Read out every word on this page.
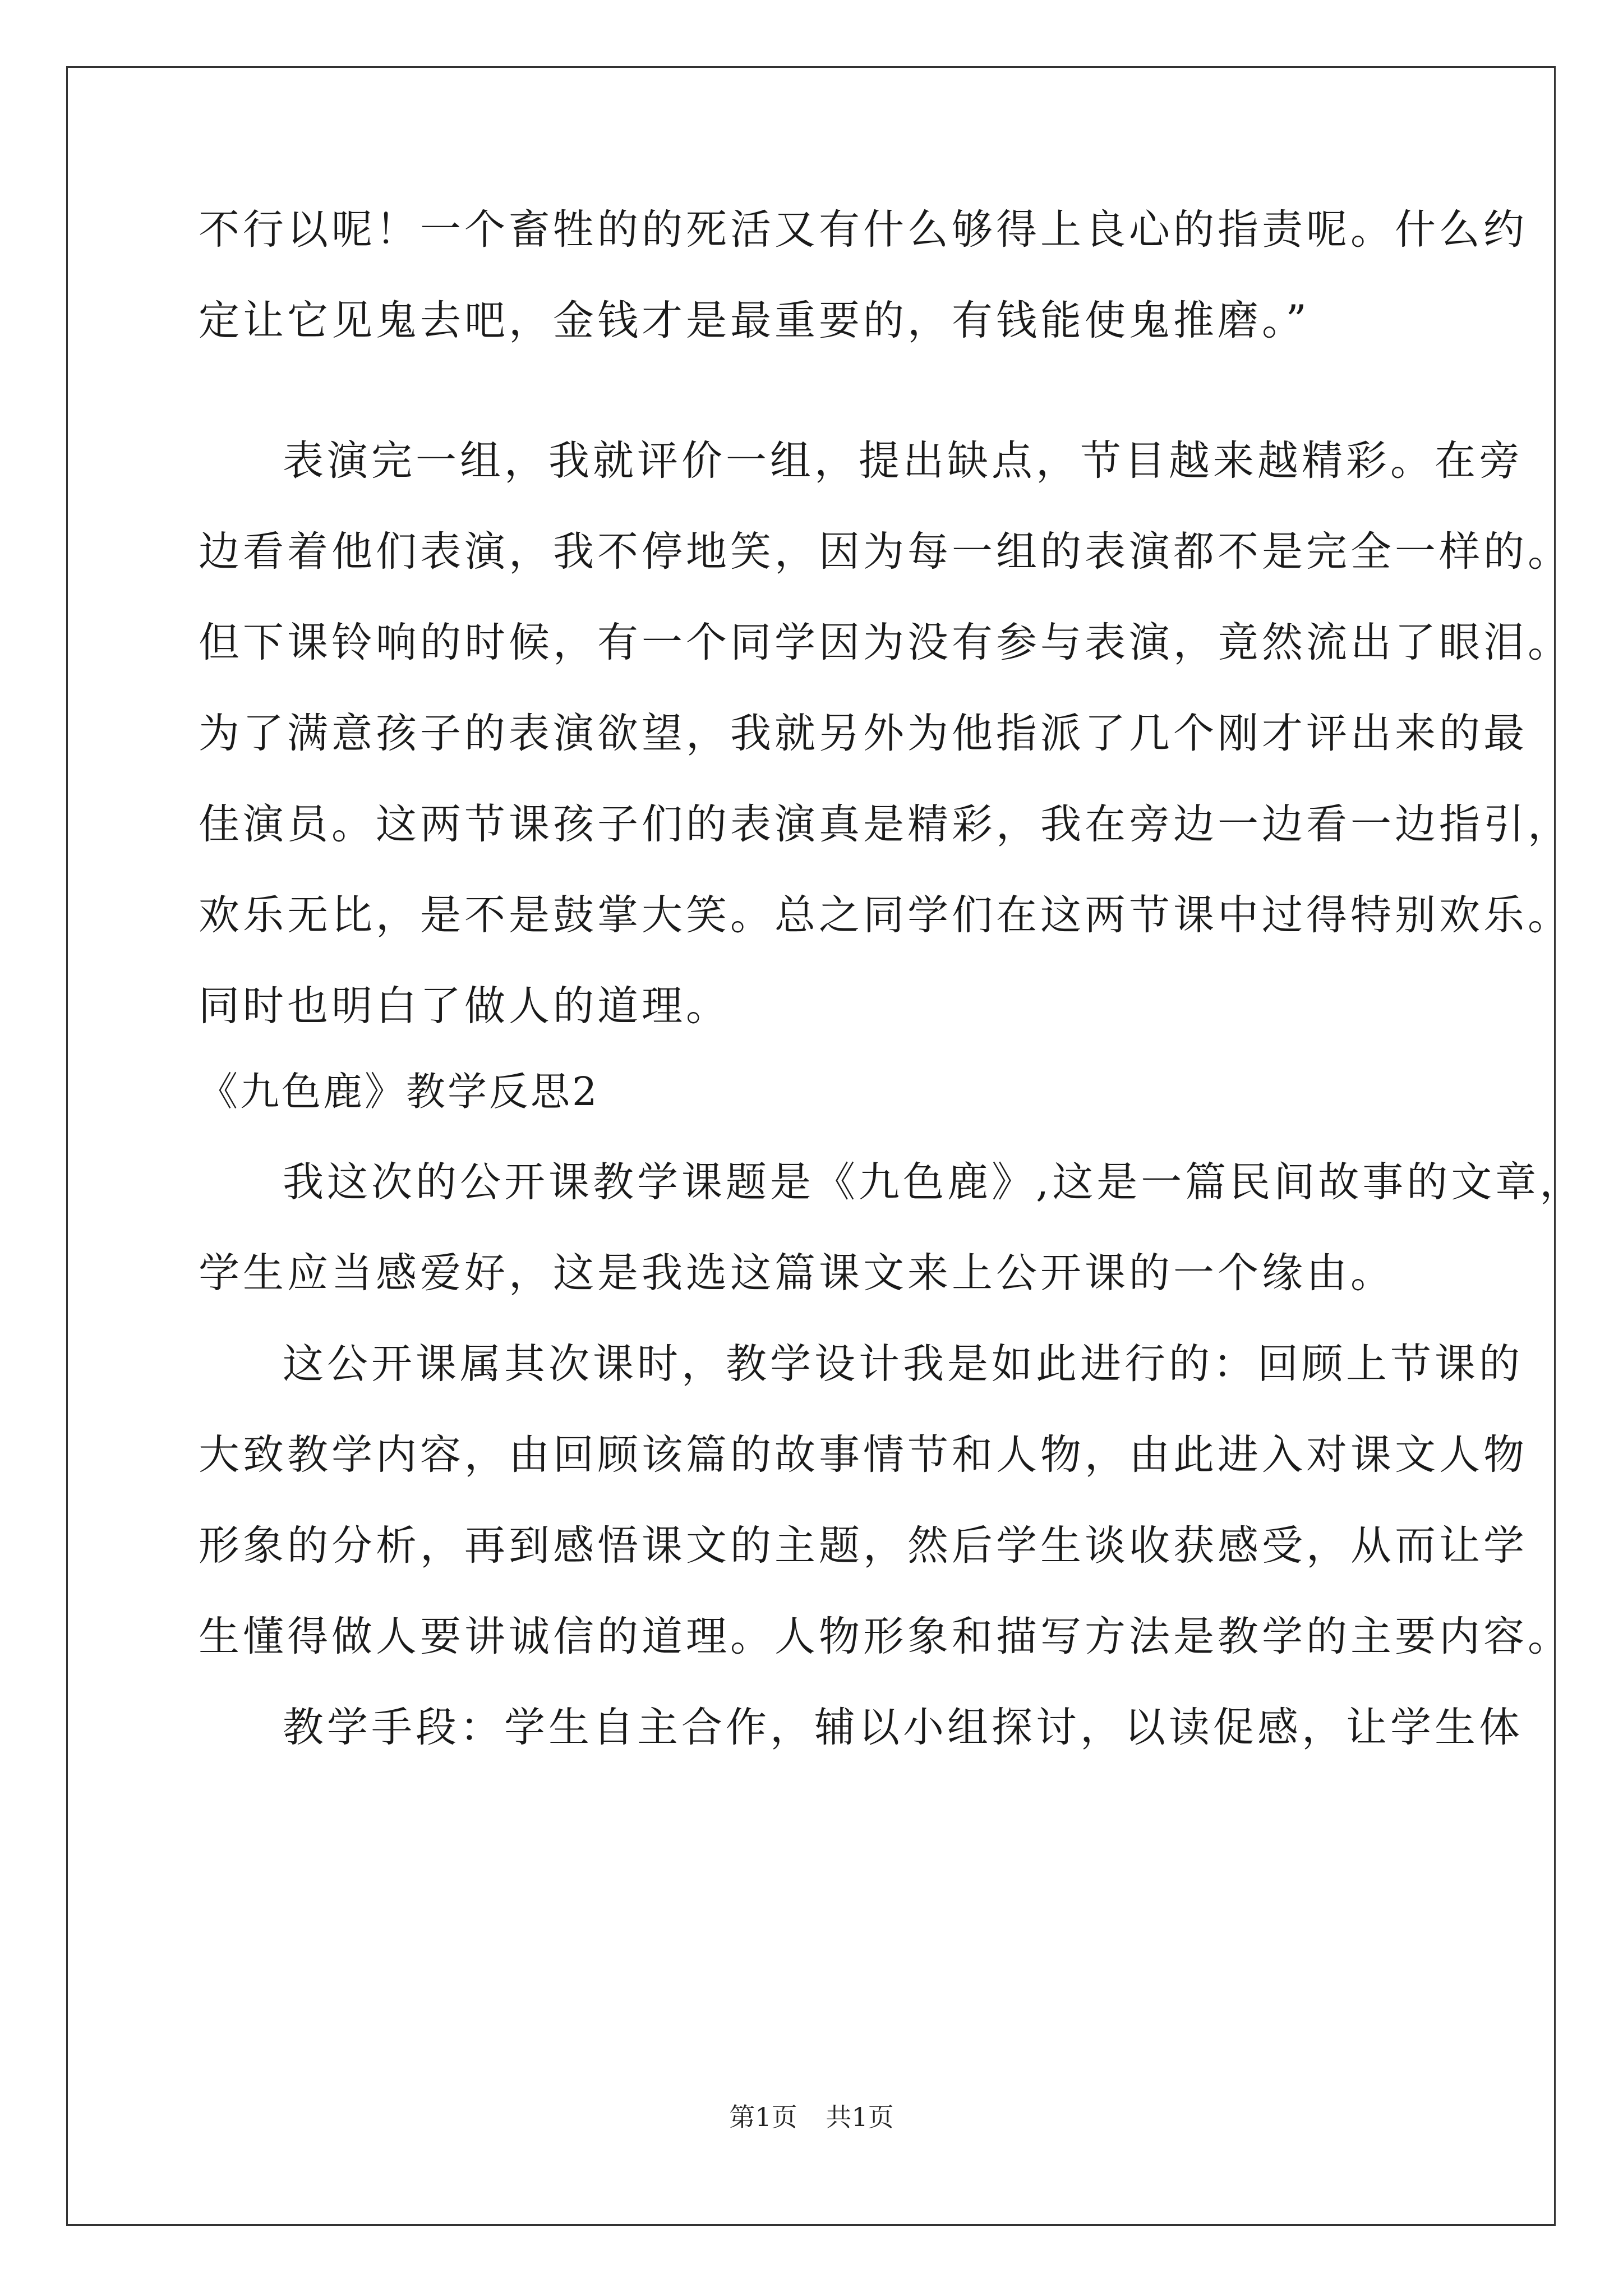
不行以呢！一个畜牲的的死活又有什么够得上良心的指责呢。什么约
定让它见鬼去吧，金钱才是最重要的，有钱能使鬼推磨。”
表演完一组，我就评价一组，提出缺点，节目越来越精彩。在旁
边看着他们表演，我不停地笑，因为每一组的表演都不是完全一样的。
但下课铃响的时候，有一个同学因为没有参与表演，竟然流出了眼泪。
为了满意孩子的表演欲望，我就另外为他指派了几个刚才评出来的最
佳演员。这两节课孩子们的表演真是精彩，我在旁边一边看一边指引，
欢乐无比，是不是鼓掌大笑。总之同学们在这两节课中过得特别欢乐。
同时也明白了做人的道理。
《九色鹿》教学反思2
我这次的公开课教学课题是《九色鹿》,这是一篇民间故事的文章，
学生应当感爱好，这是我选这篇课文来上公开课的一个缘由。
这公开课属其次课时，教学设计我是如此进行的：回顾上节课的
大致教学内容，由回顾该篇的故事情节和人物，由此进入对课文人物
形象的分析，再到感悟课文的主题，然后学生谈收获感受，从而让学
生懂得做人要讲诚信的道理。人物形象和描写方法是教学的主要内容。
教学手段：学生自主合作，辅以小组探讨，以读促感，让学生体
第1页 共1页
